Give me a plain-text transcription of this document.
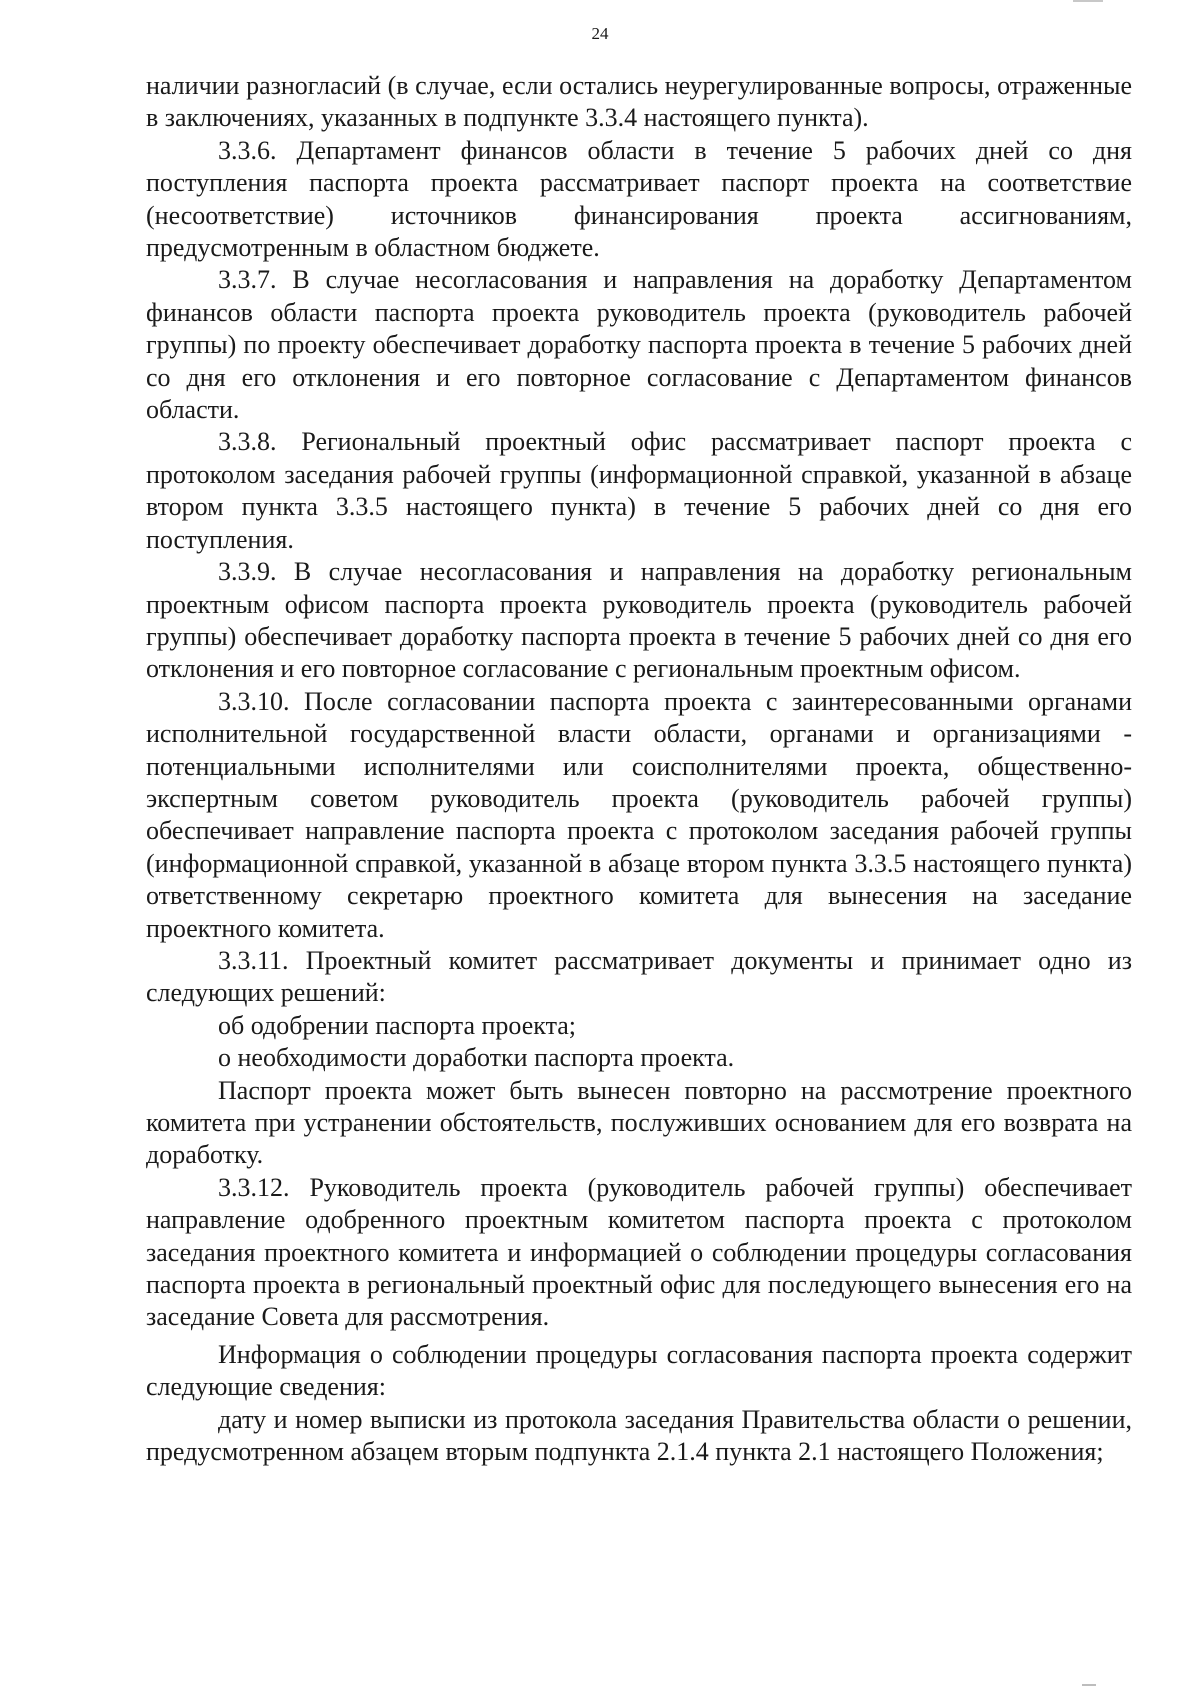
24

наличии разногласий (в случае, если остались неурегулированные вопросы, отраженные в заключениях, указанных в подпункте 3.3.4 настоящего пункта).

3.3.6. Департамент финансов области в течение 5 рабочих дней со дня поступления паспорта проекта рассматривает паспорт проекта на соответствие (несоответствие) источников финансирования проекта ассигнованиям, предусмотренным в областном бюджете.

3.3.7. В случае несогласования и направления на доработку Департаментом финансов области паспорта проекта руководитель проекта (руководитель рабочей группы) по проекту обеспечивает доработку паспорта проекта в течение 5 рабочих дней со дня его отклонения и его повторное согласование с Департаментом финансов области.

3.3.8. Региональный проектный офис рассматривает паспорт проекта с протоколом заседания рабочей группы (информационной справкой, указанной в абзаце втором пункта 3.3.5 настоящего пункта) в течение 5 рабочих дней со дня его поступления.

3.3.9. В случае несогласования и направления на доработку региональным проектным офисом паспорта проекта руководитель проекта (руководитель рабочей группы) обеспечивает доработку паспорта проекта в течение 5 рабочих дней со дня его отклонения и его повторное согласование с региональным проектным офисом.

3.3.10. После согласовании паспорта проекта с заинтересованными органами исполнительной государственной власти области, органами и организациями - потенциальными исполнителями или соисполнителями проекта, общественно-экспертным советом руководитель проекта (руководитель рабочей группы) обеспечивает направление паспорта проекта с протоколом заседания рабочей группы (информационной справкой, указанной в абзаце втором пункта 3.3.5 настоящего пункта) ответственному секретарю проектного комитета для вынесения на заседание проектного комитета.

3.3.11. Проектный комитет рассматривает документы и принимает одно из следующих решений:

об одобрении паспорта проекта;

о необходимости доработки паспорта проекта.

Паспорт проекта может быть вынесен повторно на рассмотрение проектного комитета при устранении обстоятельств, послуживших основанием для его возврата на доработку.

3.3.12. Руководитель проекта (руководитель рабочей группы) обеспечивает направление одобренного проектным комитетом паспорта проекта с протоколом заседания проектного комитета и информацией о соблюдении процедуры согласования паспорта проекта в региональный проектный офис для последующего вынесения его на заседание Совета для рассмотрения.

Информация о соблюдении процедуры согласования паспорта проекта содержит следующие сведения:

дату и номер выписки из протокола заседания Правительства области о решении, предусмотренном абзацем вторым подпункта 2.1.4 пункта 2.1 настоящего Положения;
